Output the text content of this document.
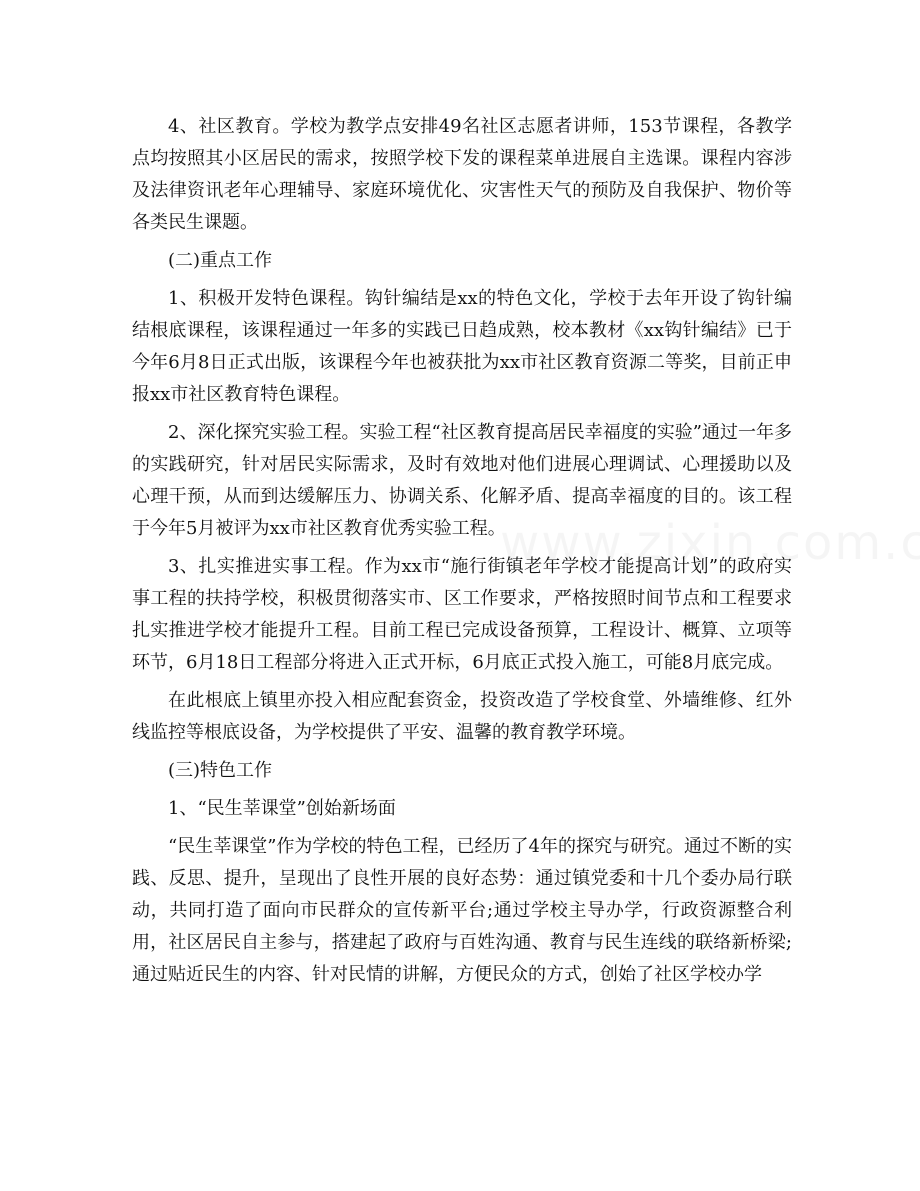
4、社区教育。学校为教学点安排49名社区志愿者讲师，153节课程，各教学点均按照其小区居民的需求，按照学校下发的课程菜单进展自主选课。课程内容涉及法律资讯老年心理辅导、家庭环境优化、灾害性天气的预防及自我保护、物价等各类民生课题。

(二)重点工作

1、积极开发特色课程。钩针编结是xx的特色文化，学校于去年开设了钩针编结根底课程，该课程通过一年多的实践已日趋成熟，校本教材《xx钩针编结》已于今年6月8日正式出版，该课程今年也被获批为xx市社区教育资源二等奖，目前正申报xx市社区教育特色课程。

2、深化探究实验工程。实验工程“社区教育提高居民幸福度的实验”通过一年多的实践研究，针对居民实际需求，及时有效地对他们进展心理调试、心理援助以及心理干预，从而到达缓解压力、协调关系、化解矛盾、提高幸福度的目的。该工程于今年5月被评为xx市社区教育优秀实验工程。

3、扎实推进实事工程。作为xx市“施行街镇老年学校才能提高计划”的政府实事工程的扶持学校，积极贯彻落实市、区工作要求，严格按照时间节点和工程要求扎实推进学校才能提升工程。目前工程已完成设备预算，工程设计、概算、立项等环节，6月18日工程部分将进入正式开标，6月底正式投入施工，可能8月底完成。

在此根底上镇里亦投入相应配套资金，投资改造了学校食堂、外墙维修、红外线监控等根底设备，为学校提供了平安、温馨的教育教学环境。

(三)特色工作

1、“民生莘课堂”创始新场面

“民生莘课堂”作为学校的特色工程，已经历了4年的探究与研究。通过不断的实践、反思、提升，呈现出了良性开展的良好态势：通过镇党委和十几个委办局行联动，共同打造了面向市民群众的宣传新平台;通过学校主导办学，行政资源整合利用，社区居民自主参与，搭建起了政府与百姓沟通、教育与民生连线的联络新桥梁;通过贴近民生的内容、针对民情的讲解，方便民众的方式，创始了社区学校办学
